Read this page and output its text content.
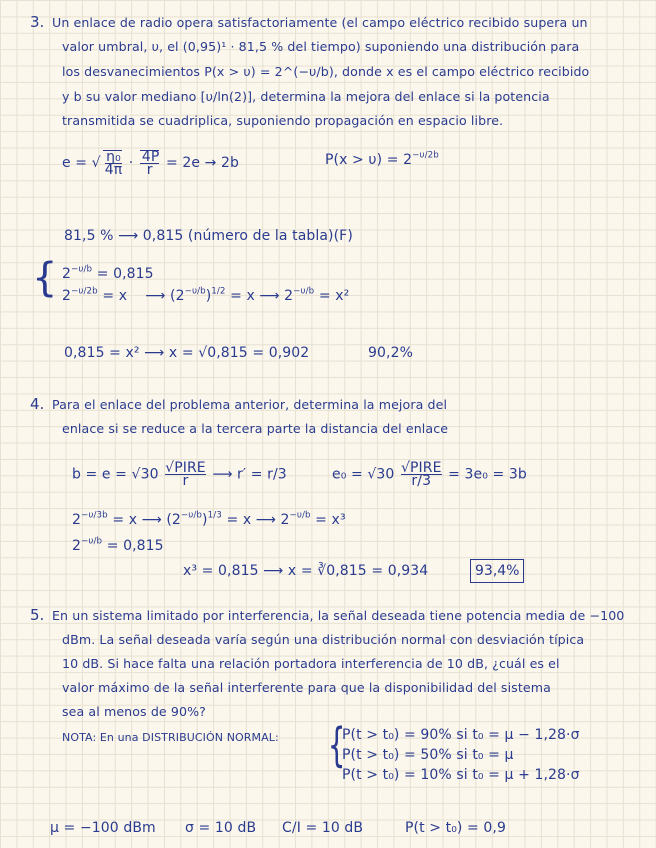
3. Un enlace de radio opera satisfactoriamente (el campo eléctrico recibido supera un
valor umbral, υ, el (0,95)¹ · 81,5 % del tiempo) suponiendo una distribución para
los desvanecimientos P(x > υ) = 2^(−υ/b), donde x es el campo eléctrico recibido
y b su valor mediano [υ/ln(2)], determina la mejora del enlace si la potencia
transmitida se cuadriplica, suponiendo propagación en espacio libre.
e = √ $\frac{\text{η₀}}{4\pi} \cdot \frac{4P}{r} = 2e \to 2b$	$P(x > \upsilon) = 2^{-\upsilon/2b}$
81,5 % ⟶ 0,815 (número de la tabla)(F)
{ $2^{-\upsilon/b} = 0,815$
$2^{-\upsilon/2b} = x$ ⟶ $(2^{-\upsilon/b})^{1/2} = x$ ⟶ $2^{-\upsilon/b} = x^2$
0,815 = x² ⟶ x = √0,815 = 0,902	90,2%
4. Para el enlace del problema anterior, determina la mejora del
enlace si se reduce a la tercera parte la distancia del enlace
$b = e = √30 \frac{\text{√PIRE}}{r}$ ⟶ r′ = r/3	$e_0 = √30 \frac{\text{√PIRE}}{r/3} = 3e_0 = 3b$
$2^{-\upsilon/3b} = x$ ⟶ $(2^{-\upsilon/b})^{1/3} = x$ ⟶ $2^{-\upsilon/b} = x^3$
$2^{-\upsilon/b} = 0,815$
x³ = 0,815 ⟶ x = ∛0,815 = 0,934	93,4%
5. En un sistema limitado por interferencia, la señal deseada tiene potencia media de −100
dBm. La señal deseada varía según una distribución normal con desviación típica
10 dB. Si hace falta una relación portadora interferencia de 10 dB, ¿cuál es el
valor máximo de la señal interferente para que la disponibilidad del sistema
sea al menos de 90%?
NOTA: En una DISTRIBUCIÓN NORMAL: {
P(t > t₀) = 90% si t₀ = μ − 1,28·σ
P(t > t₀) = 50% si t₀ = μ
P(t > t₀) = 10% si t₀ = μ + 1,28·σ
μ = −100 dBm σ = 10 dB C/I = 10 dB	P(t > t₀) = 0,9
